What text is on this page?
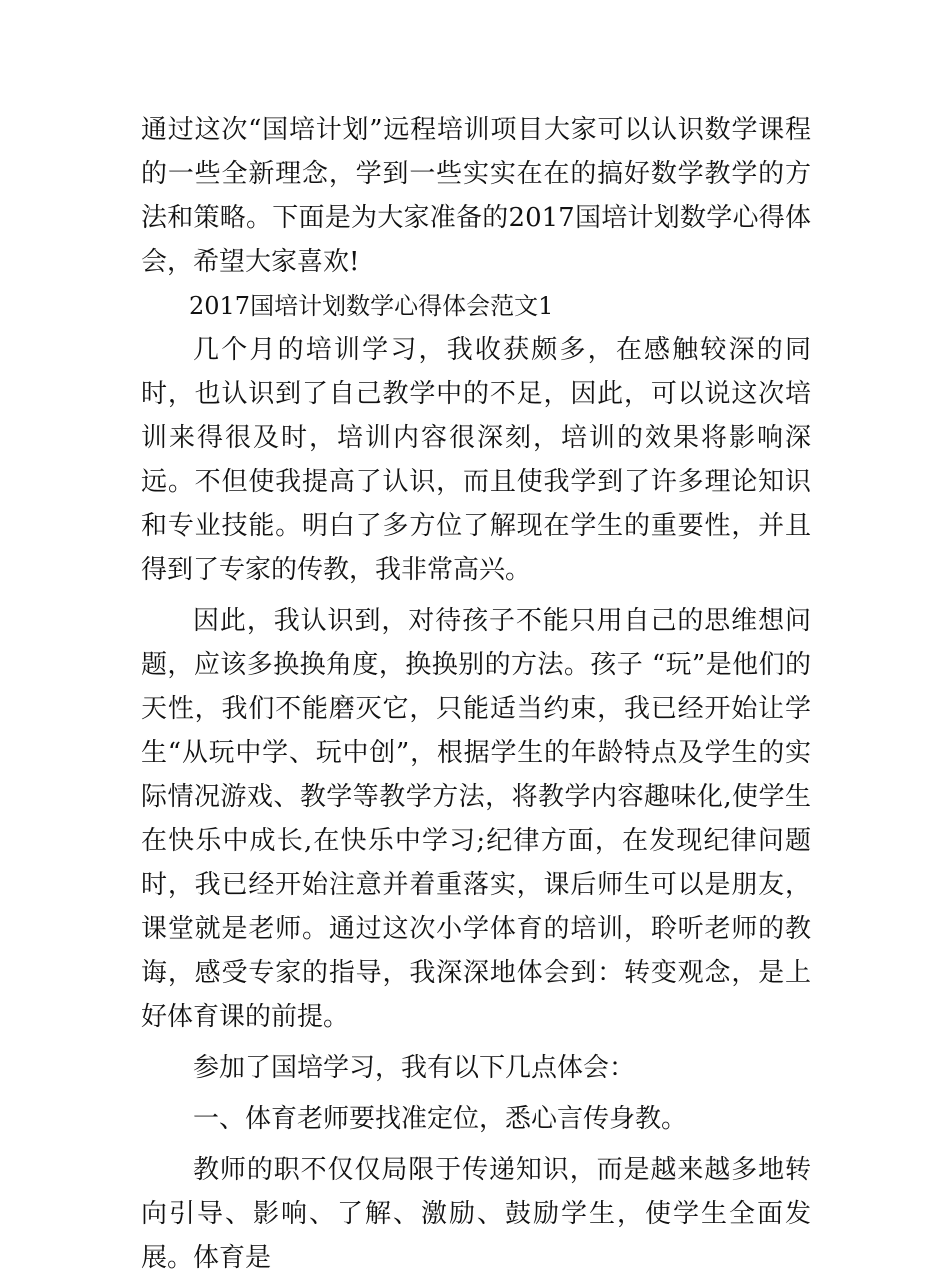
通过这次“国培计划”远程培训项目大家可以认识数学课程的一些全新理念，学到一些实实在在的搞好数学教学的方法和策略。下面是为大家准备的2017国培计划数学心得体会，希望大家喜欢!

2017国培计划数学心得体会范文1

几个月的培训学习，我收获颇多，在感触较深的同时，也认识到了自己教学中的不足，因此，可以说这次培训来得很及时，培训内容很深刻，培训的效果将影响深远。不但使我提高了认识，而且使我学到了许多理论知识和专业技能。明白了多方位了解现在学生的重要性，并且得到了专家的传教，我非常高兴。

因此，我认识到，对待孩子不能只用自己的思维想问题，应该多换换角度，换换别的方法。孩子 “玩”是他们的天性，我们不能磨灭它，只能适当约束，我已经开始让学生“从玩中学、玩中创”，根据学生的年龄特点及学生的实际情况游戏、教学等教学方法，将教学内容趣味化,使学生在快乐中成长,在快乐中学习;纪律方面，在发现纪律问题时，我已经开始注意并着重落实，课后师生可以是朋友，课堂就是老师。通过这次小学体育的培训，聆听老师的教诲，感受专家的指导，我深深地体会到：转变观念，是上好体育课的前提。

参加了国培学习，我有以下几点体会：

一、体育老师要找准定位，悉心言传身教。

教师的职不仅仅局限于传递知识，而是越来越多地转向引导、影响、了解、激励、鼓励学生，使学生全面发展。体育是
